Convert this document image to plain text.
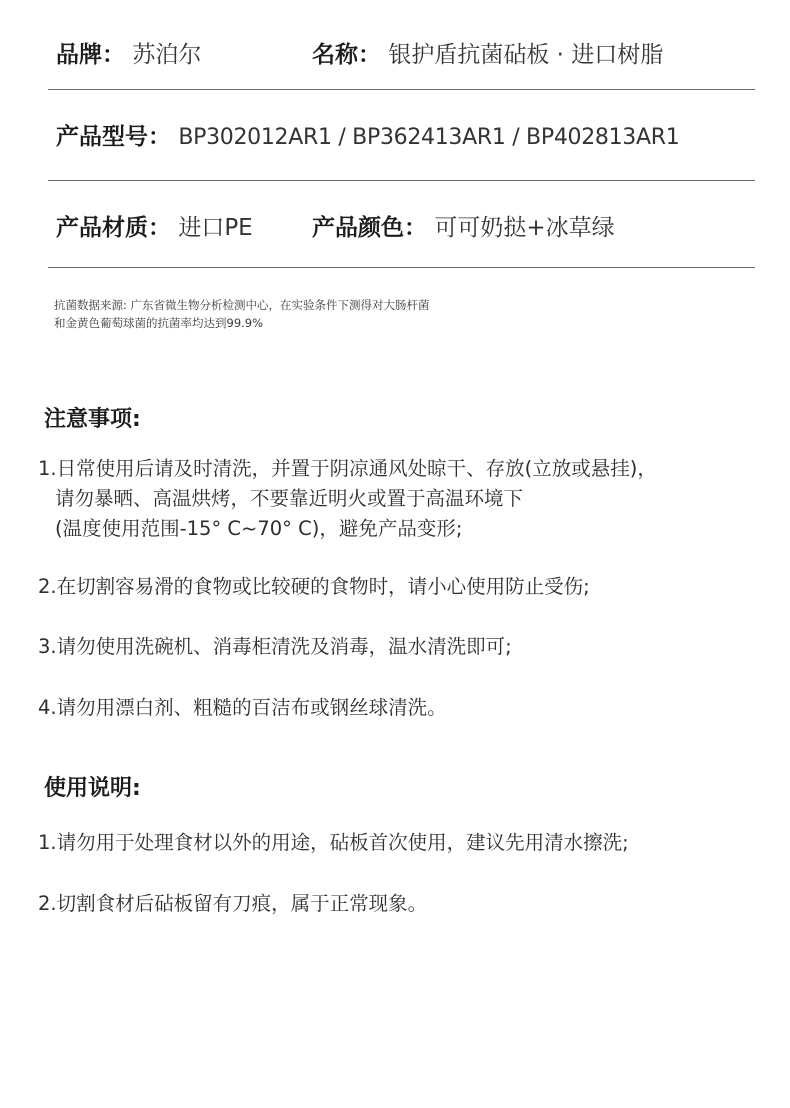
品牌： 苏泊尔	名称： 银护盾抗菌砧板 · 进口树脂
产品型号： BP302012AR1 / BP362413AR1 / BP402813AR1
产品材质： 进口PE	产品颜色： 可可奶挞+冰草绿
抗菌数据来源: 广东省微生物分析检测中心，在实验条件下测得对大肠杆菌
和金黄色葡萄球菌的抗菌率均达到99.9%
注意事项:
1.日常使用后请及时清洗，并置于阴凉通风处晾干、存放(立放或悬挂)，
请勿暴晒、高温烘烤，不要靠近明火或置于高温环境下
(温度使用范围-15° C~70° C)，避免产品变形;
2.在切割容易滑的食物或比较硬的食物时，请小心使用防止受伤;
3.请勿使用洗碗机、消毒柜清洗及消毒，温水清洗即可;
4.请勿用漂白剂、粗糙的百洁布或钢丝球清洗。
使用说明:
1.请勿用于处理食材以外的用途，砧板首次使用，建议先用清水擦洗;
2.切割食材后砧板留有刀痕，属于正常现象。
